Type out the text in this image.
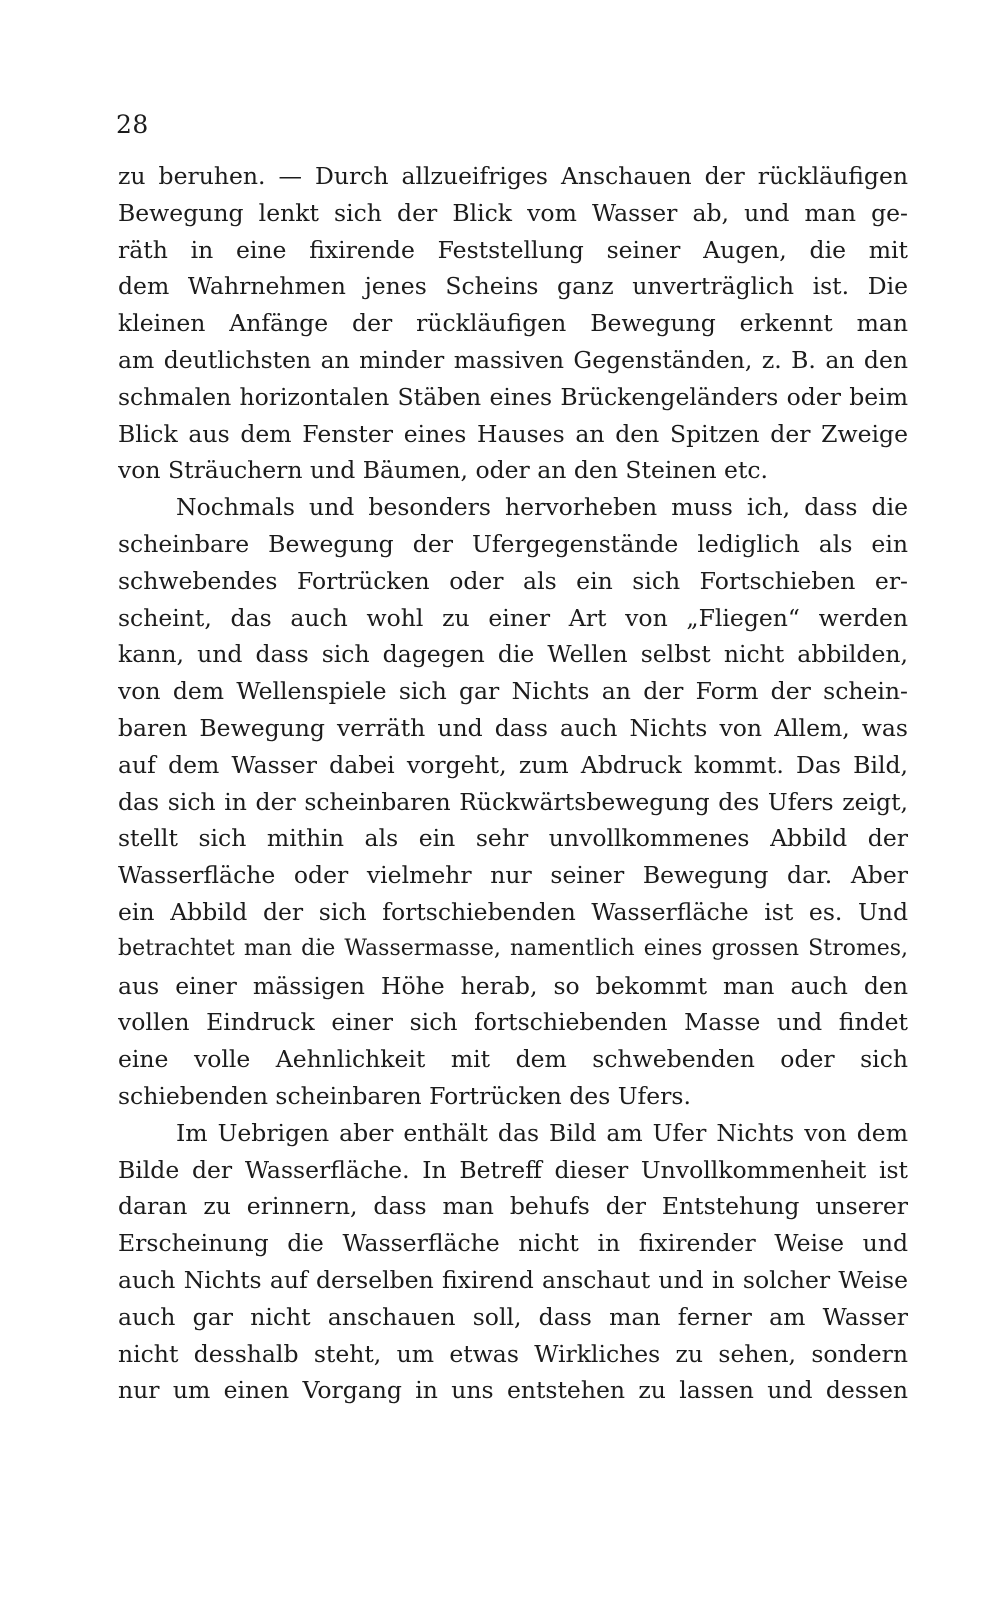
28
zu beruhen. — Durch allzueifriges Anschauen der rückläufigen
Bewegung lenkt sich der Blick vom Wasser ab, und man ge-
räth in eine fixirende Feststellung seiner Augen, die mit
dem Wahrnehmen jenes Scheins ganz unverträglich ist. Die
kleinen Anfänge der rückläufigen Bewegung erkennt man
am deutlichsten an minder massiven Gegenständen, z. B. an den
schmalen horizontalen Stäben eines Brückengeländers oder beim
Blick aus dem Fenster eines Hauses an den Spitzen der Zweige
von Sträuchern und Bäumen, oder an den Steinen etc.
Nochmals und besonders hervorheben muss ich, dass die
scheinbare Bewegung der Ufergegenstände lediglich als ein
schwebendes Fortrücken oder als ein sich Fortschieben er-
scheint, das auch wohl zu einer Art von „Fliegen“ werden
kann, und dass sich dagegen die Wellen selbst nicht abbilden,
von dem Wellenspiele sich gar Nichts an der Form der schein-
baren Bewegung verräth und dass auch Nichts von Allem, was
auf dem Wasser dabei vorgeht, zum Abdruck kommt. Das Bild,
das sich in der scheinbaren Rückwärtsbewegung des Ufers zeigt,
stellt sich mithin als ein sehr unvollkommenes Abbild der
Wasserfläche oder vielmehr nur seiner Bewegung dar. Aber
ein Abbild der sich fortschiebenden Wasserfläche ist es. Und
betrachtet man die Wassermasse, namentlich eines grossen Stromes,
aus einer mässigen Höhe herab, so bekommt man auch den
vollen Eindruck einer sich fortschiebenden Masse und findet
eine volle Aehnlichkeit mit dem schwebenden oder sich
schiebenden scheinbaren Fortrücken des Ufers.
Im Uebrigen aber enthält das Bild am Ufer Nichts von dem
Bilde der Wasserfläche. In Betreff dieser Unvollkommenheit ist
daran zu erinnern, dass man behufs der Entstehung unserer
Erscheinung die Wasserfläche nicht in fixirender Weise und
auch Nichts auf derselben fixirend anschaut und in solcher Weise
auch gar nicht anschauen soll, dass man ferner am Wasser
nicht desshalb steht, um etwas Wirkliches zu sehen, sondern
nur um einen Vorgang in uns entstehen zu lassen und dessen
